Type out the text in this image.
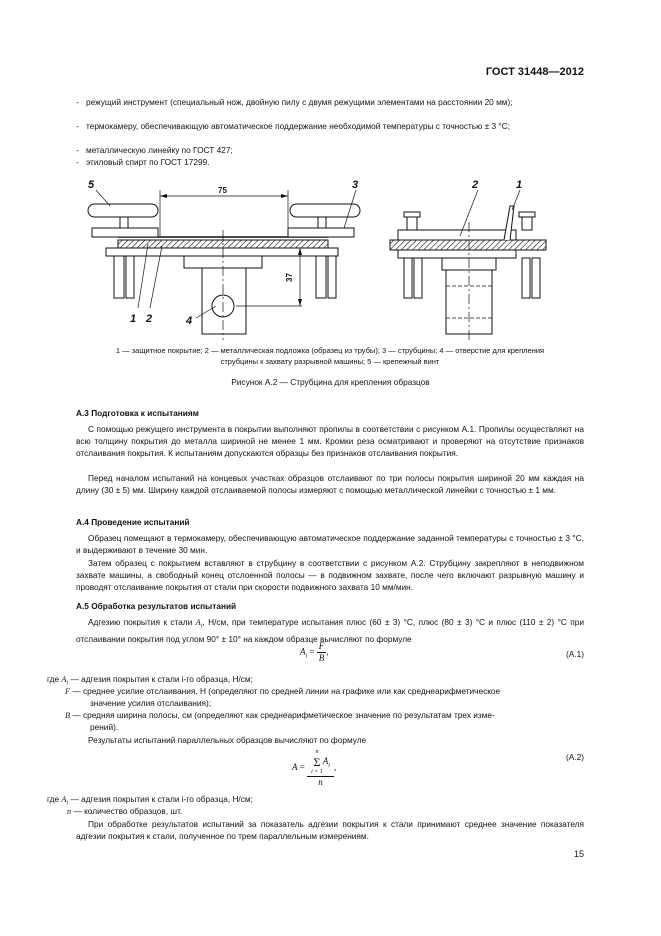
ГОСТ 31448—2012

- режущий инструмент (специальный нож, двойную пилу с двумя режущими элементами на расстоянии 20 мм);

- термокамеру, обеспечивающую автоматическое поддержание необходимой температуры с точностью ± 3 °С;

- металлическую линейку по ГОСТ 427;

- этиловый спирт по ГОСТ 17299.

5	3
1 2	4
2	1
75
37
1 — защитное покрытие; 2 — металлическая подложка (образец из трубы); 3 — струбцины; 4 — отверстие для крепления
струбцины к захвату разрывной машины; 5 — крепежный винт
Рисунок А.2 — Струбцина для крепления образцов

А.3 Подготовка к испытаниям

С помощью режущего инструмента в покрытии выполняют пропилы в соответствии с рисунком А.1. Пропилы осуществляют на всю толщину покрытия до металла шириной не менее 1 мм. Кромки реза осматривают и проверяют на отсутствие признаков отслаивания покрытия. К испытаниям допускаются образцы без признаков отслаивания покрытия.

Перед началом испытаний на концевых участках образцов отслаивают по три полосы покрытия шириной 20 мм каждая на длину (30 ± 5) мм. Ширину каждой отслаиваемой полосы измеряют с помощью металлической линейки с точностью ± 1 мм.

А.4 Проведение испытаний

Образец помещают в термокамеру, обеспечивающую автоматическое поддержание заданной температуры с точностью ± 3 °С, и выдерживают в течение 30 мин.

Затем образец с покрытием вставляют в струбцину в соответствии с рисунком А.2. Струбцину закрепляют в неподвижном захвате машины, а свободный конец отслоенной полосы — в подвижном захвате, после чего включают разрывную машину и проводят отслаивание покрытия от стали при скорости подвижного захвата 10 мм/мин.

А.5 Обработка результатов испытаний

Адгезию покрытия к стали $A_i$, Н/см, при температуре испытания плюс (60 ± 3) °С, плюс (80 ± 3) °С и плюс (110 ± 2) °С при отслаивании покрытия под углом 90° ± 10° на каждом образце вычисляют по формуле

$A_i = \frac{F}{B}$ ,	(А.1)

где $A_i$ — адгезия покрытия к стали i-го образца, Н/см;

F — среднее усилие отслаивания, Н (определяют по средней линии на графике или как среднеарифметическое

значение усилия отслаивания);

B — средняя ширина полосы, см (определяют как среднеарифметическое значение по результатам трех изме-

рений).

Результаты испытаний параллельных образцов вычисляют по формуле

A = n
Σ
i = 1
$A_i$
n ,
(А.2)

где $A_i$ — адгезия покрытия к стали i-го образца, Н/см;

n — количество образцов, шт.

При обработке результатов испытаний за показатель адгезии покрытия к стали принимают среднее значение показателя адгезии покрытия к стали, полученное по трем параллельным измерениям.

15
